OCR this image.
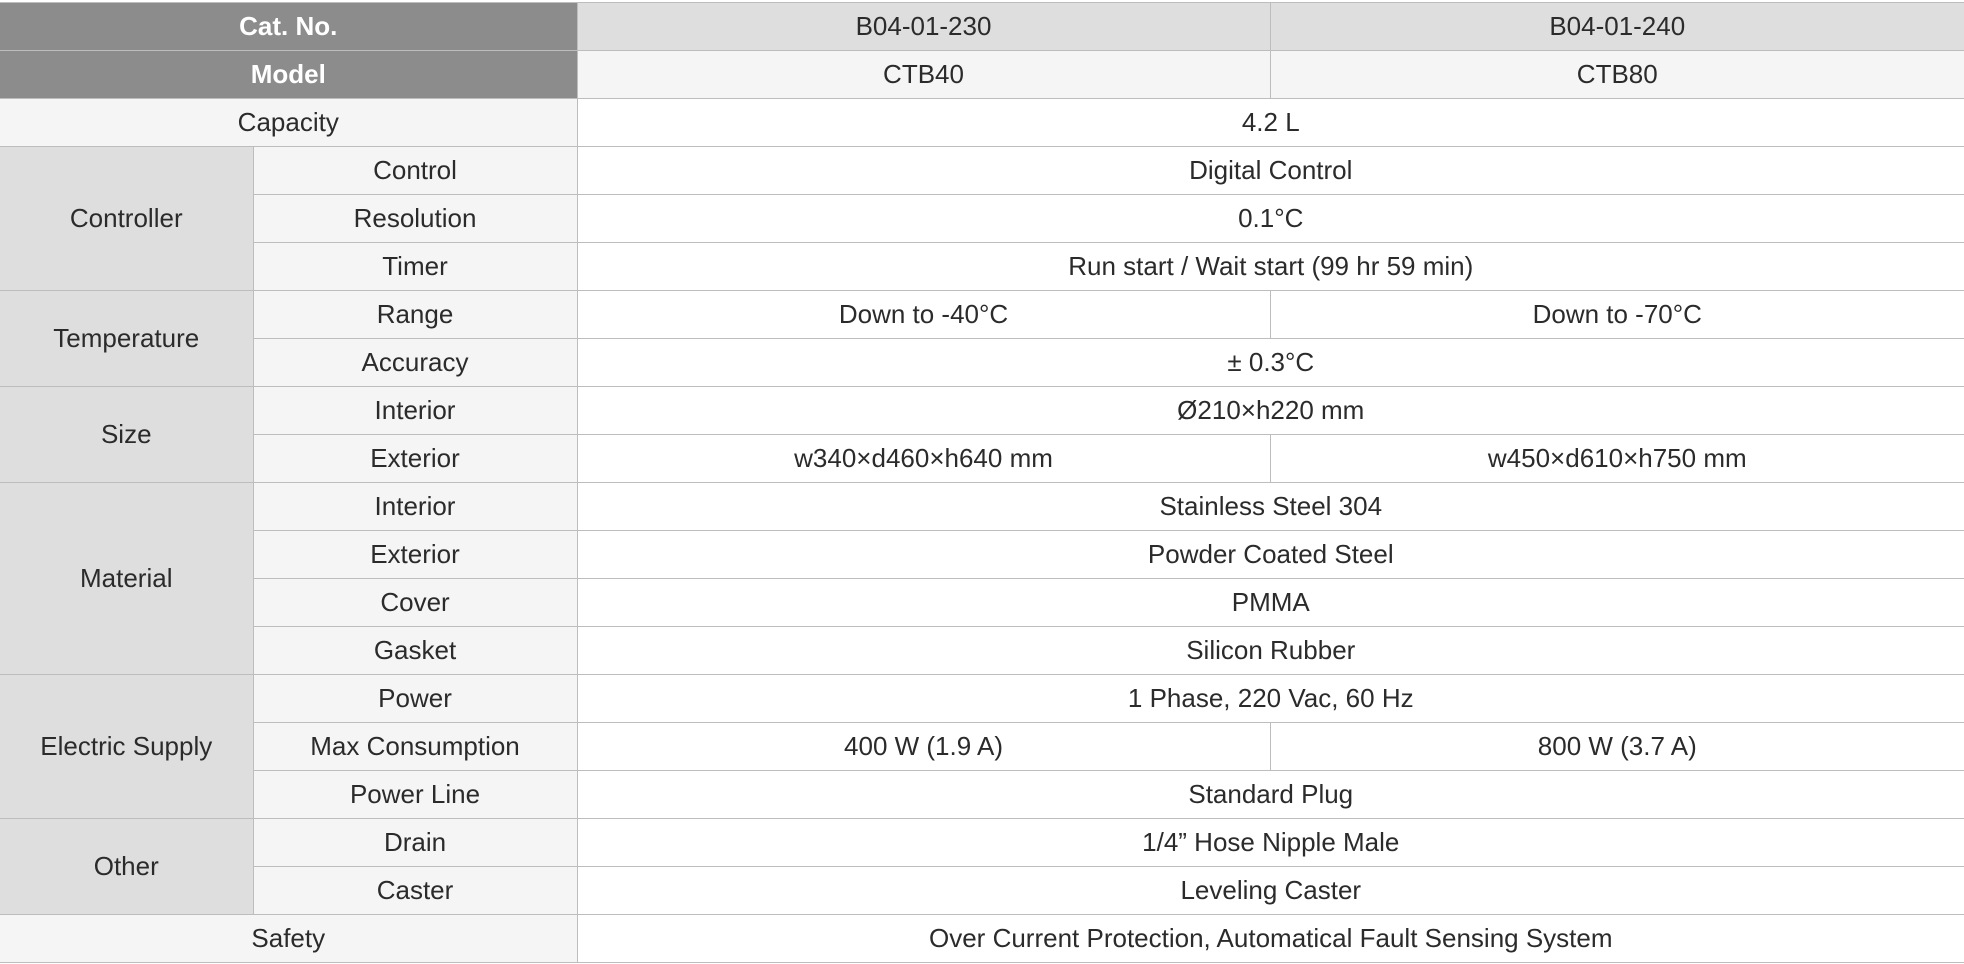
Cat. No.		B04-01-230	B04-01-240
Model		CTB40	CTB80
Capacity		4.2 L	
Controller	Control	Digital Control	
	Resolution	0.1°C	
	Timer	Run start / Wait start (99 hr 59 min)	
Temperature	Range	Down to -40°C	Down to -70°C
	Accuracy	± 0.3°C	
Size	Interior	Ø210×h220 mm	
	Exterior	w340×d460×h640 mm	w450×d610×h750 mm
Material	Interior	Stainless Steel 304	
	Exterior	Powder Coated Steel	
	Cover	PMMA	
	Gasket	Silicon Rubber	
Electric Supply	Power	1 Phase, 220 Vac, 60 Hz	
	Max Consumption	400 W (1.9 A)	800 W (3.7 A)
	Power Line	Standard Plug	
Other	Drain	1/4” Hose Nipple Male	
	Caster	Leveling Caster	
Safety		Over Current Protection, Automatical Fault Sensing System	
